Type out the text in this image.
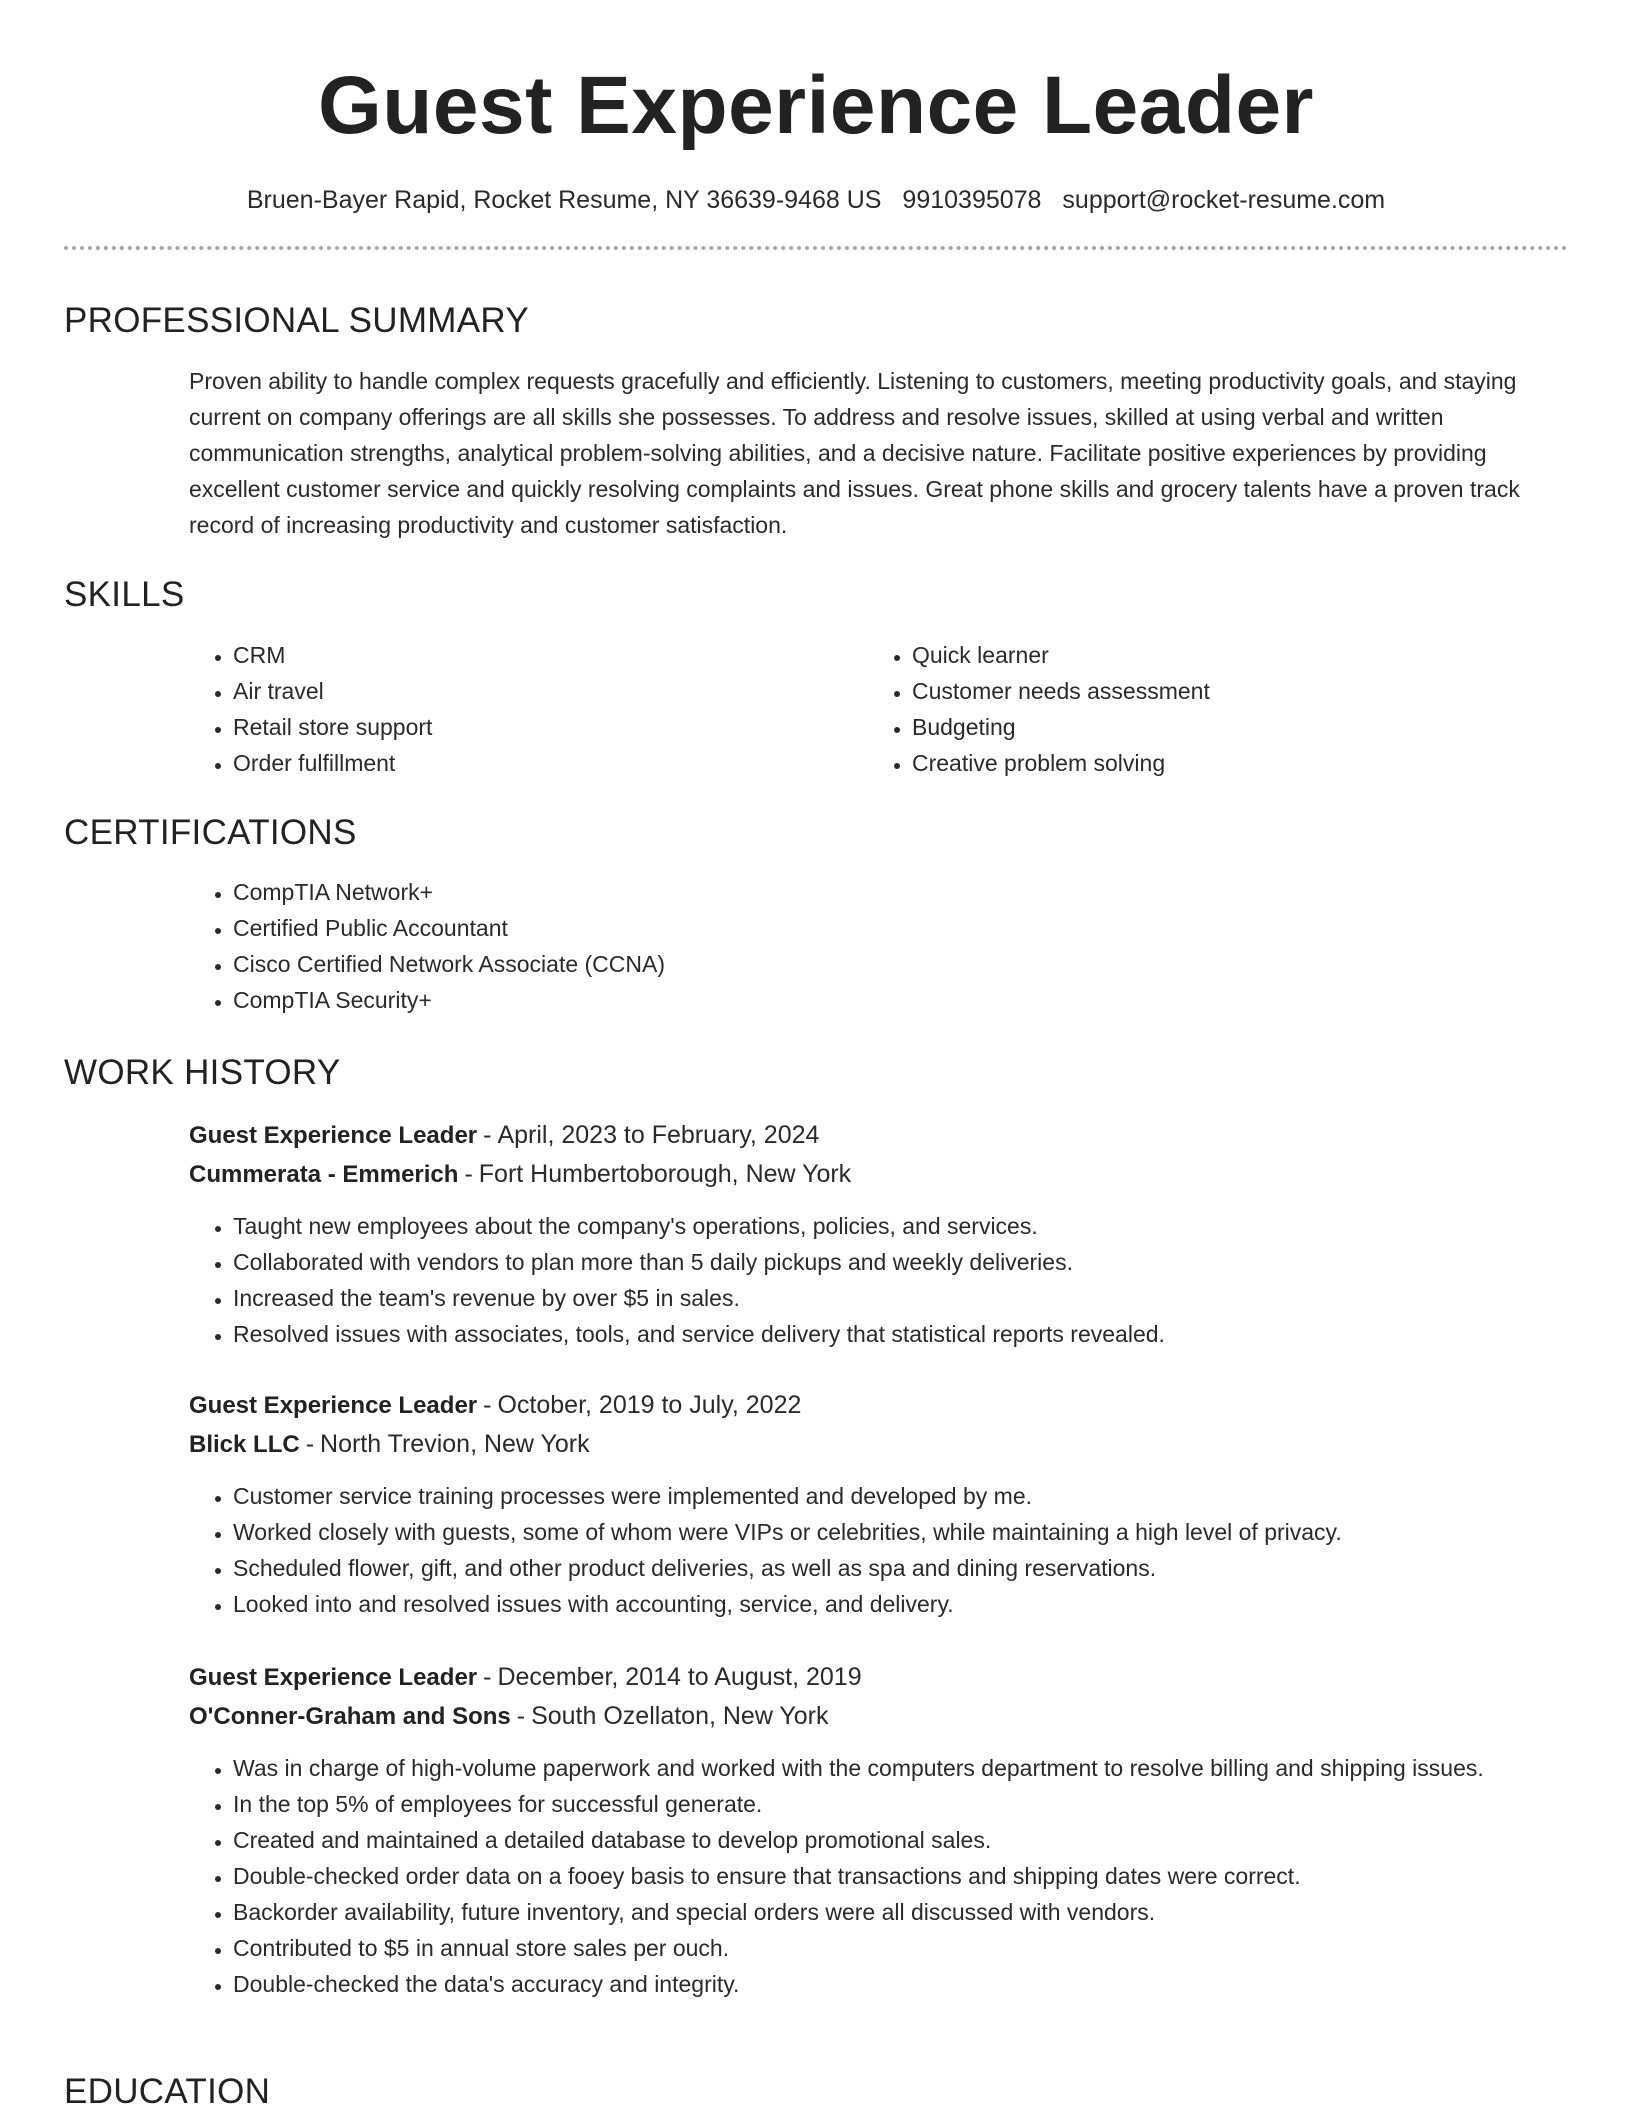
Guest Experience Leader
Bruen-Bayer Rapid, Rocket Resume, NY 36639-9468 US 9910395078 support@rocket-resume.com
PROFESSIONAL SUMMARY

Proven ability to handle complex requests gracefully and efficiently. Listening to customers, meeting productivity goals, and staying current on company offerings are all skills she possesses. To address and resolve issues, skilled at using verbal and written communication strengths, analytical problem-solving abilities, and a decisive nature. Facilitate positive experiences by providing excellent customer service and quickly resolving complaints and issues. Great phone skills and grocery talents have a proven track record of increasing productivity and customer satisfaction.

SKILLS
• CRM
• Air travel
• Retail store support
• Order fulfillment
• Quick learner
• Customer needs assessment
• Budgeting
• Creative problem solving
CERTIFICATIONS
• CompTIA Network+
• Certified Public Accountant
• Cisco Certified Network Associate (CCNA)
• CompTIA Security+
WORK HISTORY

Guest Experience Leader - April, 2023 to February, 2024

Cummerata - Emmerich - Fort Humbertoborough, New York

• Taught new employees about the company's operations, policies, and services.
• Collaborated with vendors to plan more than 5 daily pickups and weekly deliveries.
• Increased the team's revenue by over $5 in sales.
• Resolved issues with associates, tools, and service delivery that statistical reports revealed.

Guest Experience Leader - October, 2019 to July, 2022

Blick LLC - North Trevion, New York

• Customer service training processes were implemented and developed by me.
• Worked closely with guests, some of whom were VIPs or celebrities, while maintaining a high level of privacy.
• Scheduled flower, gift, and other product deliveries, as well as spa and dining reservations.
• Looked into and resolved issues with accounting, service, and delivery.

Guest Experience Leader - December, 2014 to August, 2019

O'Conner-Graham and Sons - South Ozellaton, New York

• Was in charge of high-volume paperwork and worked with the computers department to resolve billing and shipping issues.
• In the top 5% of employees for successful generate.
• Created and maintained a detailed database to develop promotional sales.
• Double-checked order data on a fooey basis to ensure that transactions and shipping dates were correct.
• Backorder availability, future inventory, and special orders were all discussed with vendors.
• Contributed to $5 in annual store sales per ouch.
• Double-checked the data's accuracy and integrity.
EDUCATION
